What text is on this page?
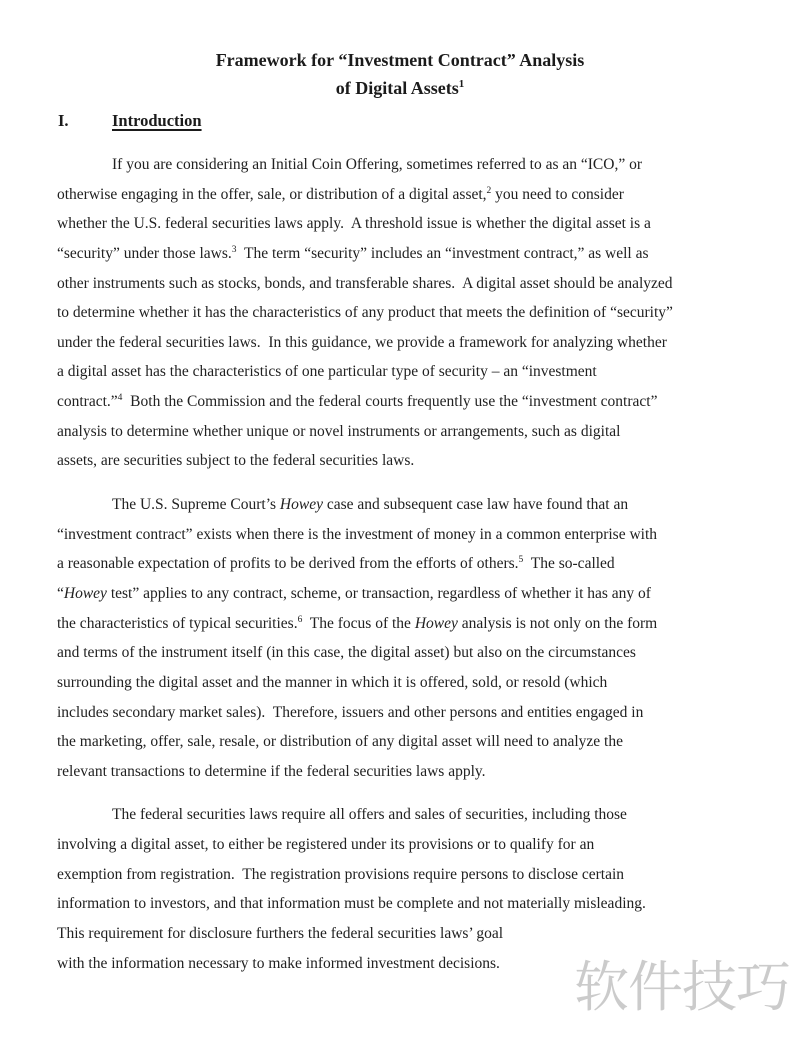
软件技巧
Framework for “Investment Contract” Analysis
of Digital Assets$^1$
I.	Introduction
If you are considering an Initial Coin Offering, sometimes referred to as an “ICO,” or
otherwise engaging in the offer, sale, or distribution of a digital asset,$^2$ you need to consider
whether the U.S. federal securities laws apply.  A threshold issue is whether the digital asset is a
“security” under those laws.$^3$  The term “security” includes an “investment contract,” as well as
other instruments such as stocks, bonds, and transferable shares.  A digital asset should be analyzed
to determine whether it has the characteristics of any product that meets the definition of “security”
under the federal securities laws.  In this guidance, we provide a framework for analyzing whether
a digital asset has the characteristics of one particular type of security – an “investment
contract.”$^4$  Both the Commission and the federal courts frequently use the “investment contract”
analysis to determine whether unique or novel instruments or arrangements, such as digital
assets, are securities subject to the federal securities laws.
The U.S. Supreme Court’s Howey case and subsequent case law have found that an
“investment contract” exists when there is the investment of money in a common enterprise with
a reasonable expectation of profits to be derived from the efforts of others.$^5$  The so-called
“Howey test” applies to any contract, scheme, or transaction, regardless of whether it has any of
the characteristics of typical securities.$^6$  The focus of the Howey analysis is not only on the form
and terms of the instrument itself (in this case, the digital asset) but also on the circumstances
surrounding the digital asset and the manner in which it is offered, sold, or resold (which
includes secondary market sales).  Therefore, issuers and other persons and entities engaged in
the marketing, offer, sale, resale, or distribution of any digital asset will need to analyze the
relevant transactions to determine if the federal securities laws apply.
The federal securities laws require all offers and sales of securities, including those
involving a digital asset, to either be registered under its provisions or to qualify for an
exemption from registration.  The registration provisions require persons to disclose certain
information to investors, and that information must be complete and not materially misleading.
This requirement for disclosure furthers the federal securities laws’ goal
with the information necessary to make informed investment decisions.
